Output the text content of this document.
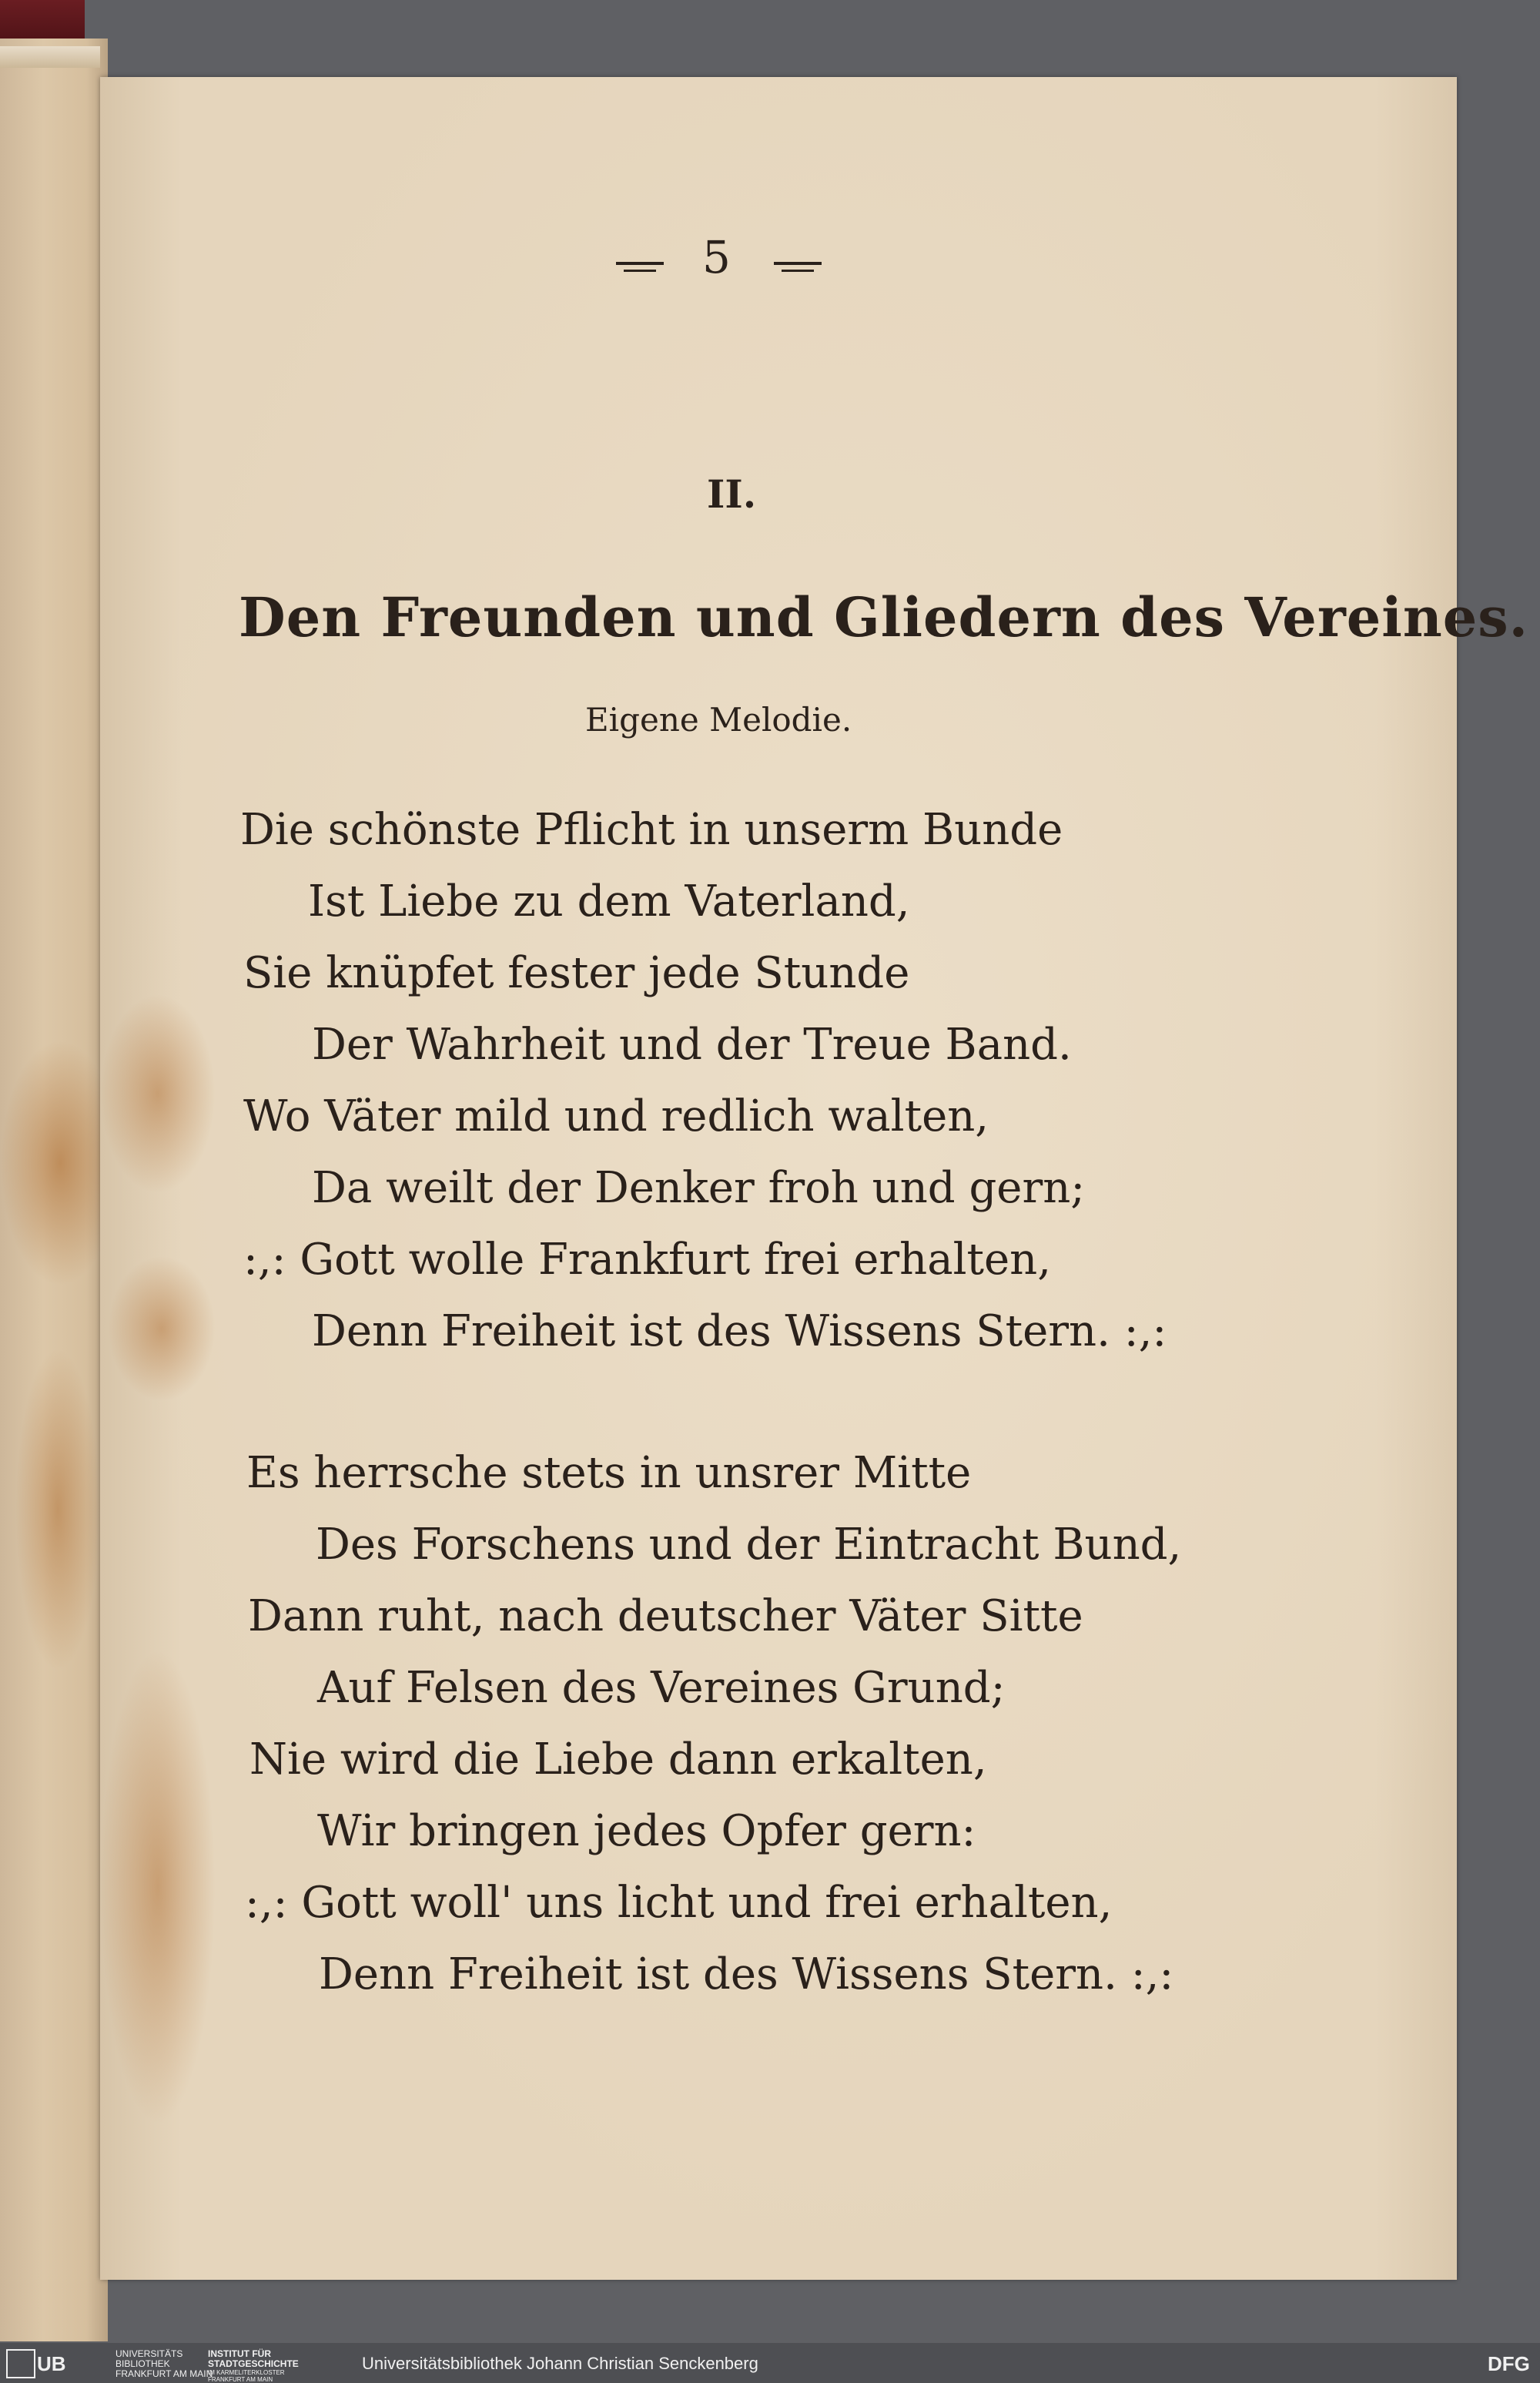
5
II.
Den Freunden und Gliedern des Vereines.
Eigene Melodie.
Die schönste Pflicht in unserm Bunde
Ist Liebe zu dem Vaterland,
Sie knüpfet fester jede Stunde
Der Wahrheit und der Treue Band.
Wo Väter mild und redlich walten,
Da weilt der Denker froh und gern;
:,: Gott wolle Frankfurt frei erhalten,
Denn Freiheit ist des Wissens Stern. :,:
Es herrsche stets in unsrer Mitte
Des Forschens und der Eintracht Bund,
Dann ruht, nach deutscher Väter Sitte
Auf Felsen des Vereines Grund;
Nie wird die Liebe dann erkalten,
Wir bringen jedes Opfer gern:
:,: Gott woll' uns licht und frei erhalten,
Denn Freiheit ist des Wissens Stern. :,:
UB	UNIVERSITÄTS
BIBLIOTHEK
FRANKFURT AM MAIN
INSTITUT FÜR
STADTGESCHICHTE
IM KARMELITERKLOSTER
FRANKFURT AM MAIN
Universitätsbibliothek Johann Christian Senckenberg	DFG
